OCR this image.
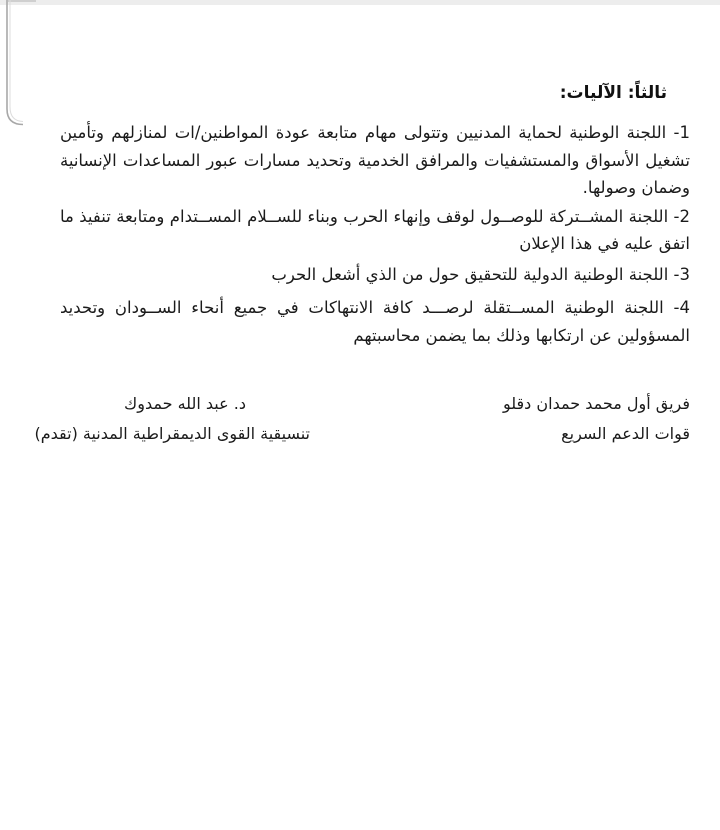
ثالثاً: الآليات:

1- اللجنة الوطنية لحماية المدنيين وتتولى مهام متابعة عودة المواطنين/ات لمنازلهم وتأمين تشغيل الأسواق والمستشفيات والمرافق الخدمية وتحديد مسارات عبور المساعدات الإنسانية وضمان وصولها.

2- اللجنة المشــتركة للوصــول لوقف وإنهاء الحرب وبناء للســلام المســتدام ومتابعة تنفيذ ما اتفق عليه في هذا الإعلان

3- اللجنة الوطنية الدولية للتحقيق حول من الذي أشعل الحرب

4- اللجنة الوطنية المســتقلة لرصـــد كافة الانتهاكات في جميع أنحاء الســودان وتحديد المسؤولين عن ارتكابها وذلك بما يضمن محاسبتهم

فريق أول محمد حمدان دقلو
قوات الدعم السريع
د. عبد الله حمدوك
تنسيقية القوى الديمقراطية المدنية (تقدم)
